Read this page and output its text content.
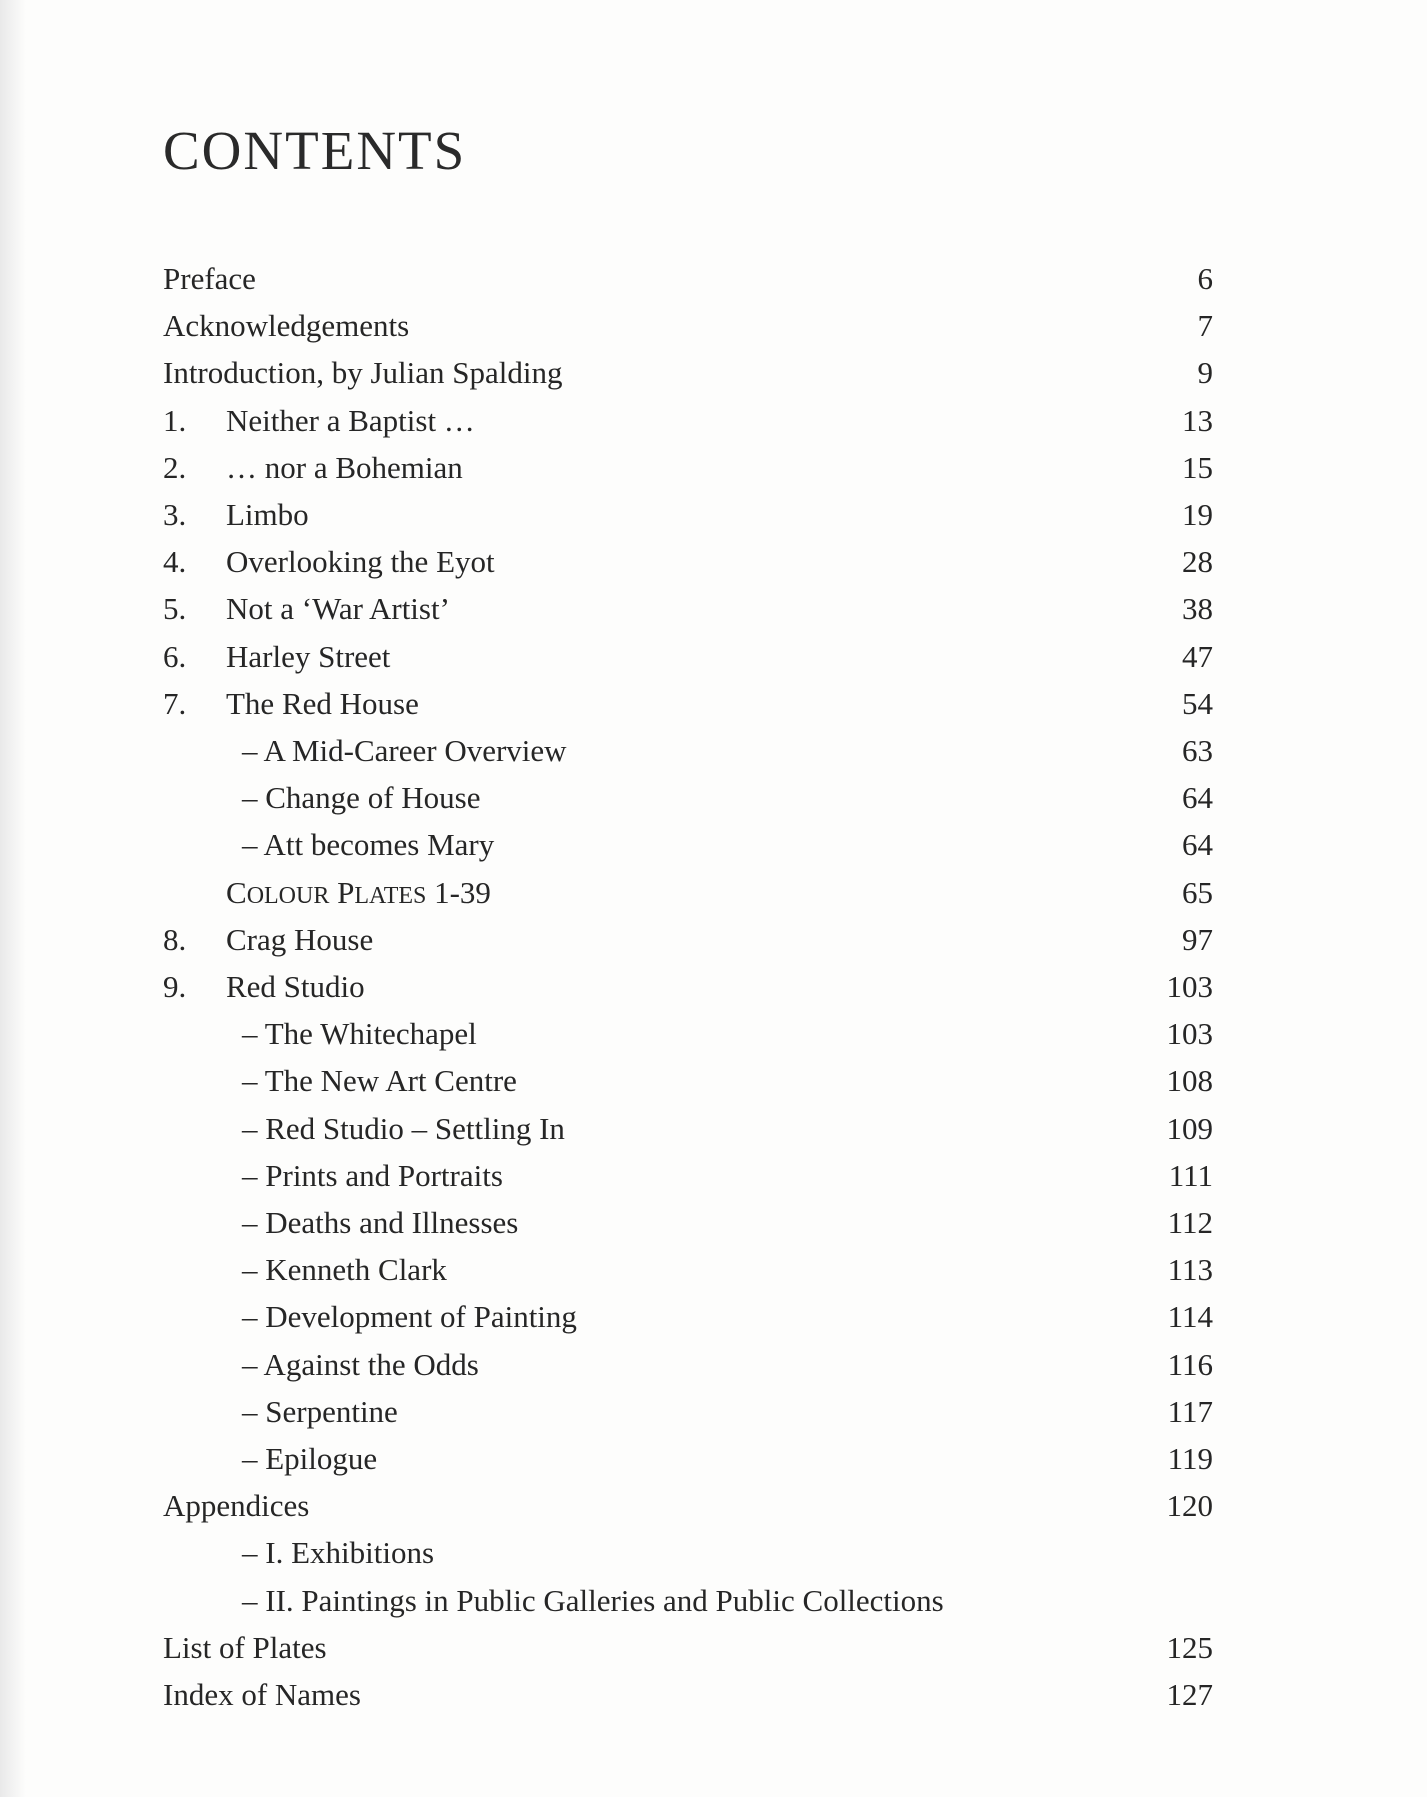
CONTENTS
Preface	6
Acknowledgements	7
Introduction, by Julian Spalding	9
1. Neither a Baptist …	13
2. … nor a Bohemian	15
3. Limbo	19
4. Overlooking the Eyot	28
5. Not a ‘War Artist’	38
6. Harley Street	47
7. The Red House	54
– A Mid-Career Overview	63
– Change of House	64
– Att becomes Mary	64
COLOUR PLATES 1-39	65
8. Crag House	97
9. Red Studio	103
– The Whitechapel	103
– The New Art Centre	108
– Red Studio – Settling In	109
– Prints and Portraits	111
– Deaths and Illnesses	112
– Kenneth Clark	113
– Development of Painting	114
– Against the Odds	116
– Serpentine	117
– Epilogue	119
Appendices	120
– I. Exhibitions
– II. Paintings in Public Galleries and Public Collections
List of Plates	125
Index of Names	127
